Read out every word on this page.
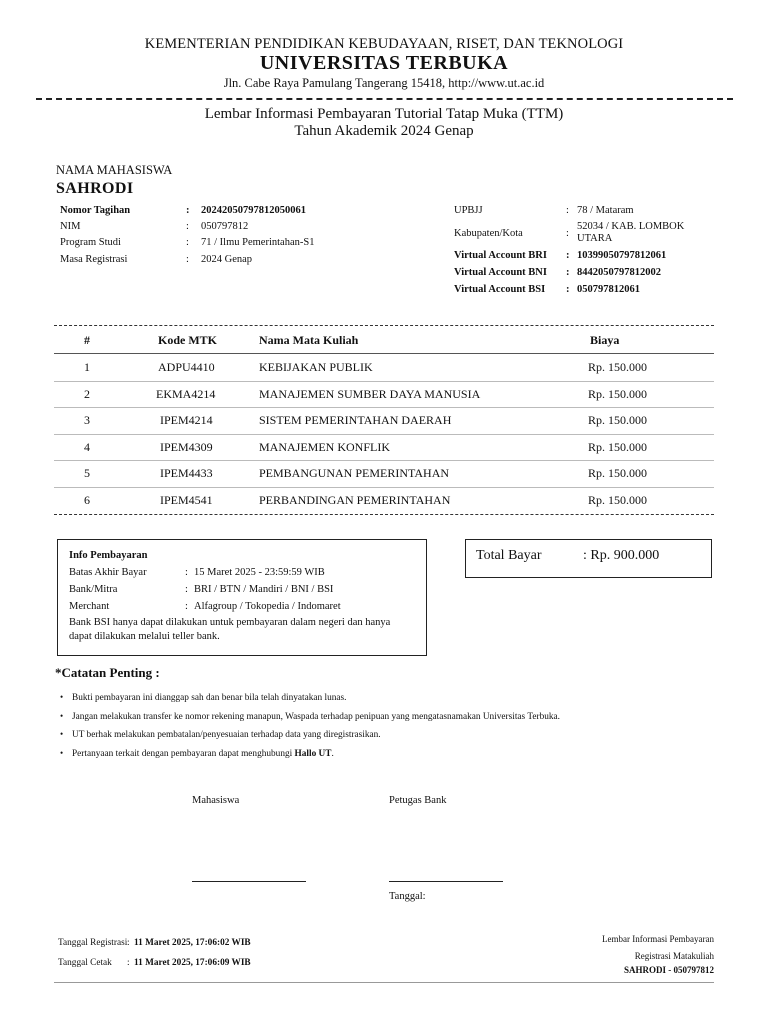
KEMENTERIAN PENDIDIKAN KEBUDAYAAN, RISET, DAN TEKNOLOGI
UNIVERSITAS TERBUKA
Jln. Cabe Raya Pamulang Tangerang 15418, http://www.ut.ac.id
Lembar Informasi Pembayaran Tutorial Tatap Muka (TTM)
Tahun Akademik 2024 Genap
NAMA MAHASISWA
SAHRODI
Nomor Tagihan	: 20242050797812050061
NIM	: 050797812
Program Studi	: 71 / Ilmu Pemerintahan-S1
Masa Registrasi	: 2024 Genap
UPBJJ	: 78 / Mataram
Kabupaten/Kota	:
52034 / KAB. LOMBOK
UTARA
Virtual Account BRI : 10399050797812061
Virtual Account BNI : 8442050797812002
Virtual Account BSI : 050797812061
#	Kode MTK	Nama Mata Kuliah	Biaya
1	ADPU4410	KEBIJAKAN PUBLIK	Rp. 150.000
2	EKMA4214	MANAJEMEN SUMBER DAYA MANUSIA	Rp. 150.000
3	IPEM4214	SISTEM PEMERINTAHAN DAERAH	Rp. 150.000
4	IPEM4309	MANAJEMEN KONFLIK	Rp. 150.000
5	IPEM4433	PEMBANGUNAN PEMERINTAHAN	Rp. 150.000
6	IPEM4541	PERBANDINGAN PEMERINTAHAN	Rp. 150.000
Info Pembayaran
Batas Akhir Bayar	: 15 Maret 2025 - 23:59:59 WIB
Bank/Mitra	: BRI / BTN / Mandiri / BNI / BSI
Merchant	: Alfagroup / Tokopedia / Indomaret
Bank BSI hanya dapat dilakukan untuk pembayaran dalam negeri dan hanya
dapat dilakukan melalui teller bank.
Total Bayar	: Rp. 900.000
*Catatan Penting :
• Bukti pembayaran ini dianggap sah dan benar bila telah dinyatakan lunas.
• Jangan melakukan transfer ke nomor rekening manapun, Waspada terhadap penipuan yang mengatasnamakan Universitas Terbuka.
• UT berhak melakukan pembatalan/penyesuaian terhadap data yang diregistrasikan.
• Pertanyaan terkait dengan pembayaran dapat menghubungi Hallo UT.
Mahasiswa	Petugas Bank
Tanggal:
Tanggal Registrasi : 11 Maret 2025, 17:06:02 WIB
Tanggal Cetak : 11 Maret 2025, 17:06:09 WIB
Lembar Informasi Pembayaran
Registrasi Matakuliah
SAHRODI - 050797812
